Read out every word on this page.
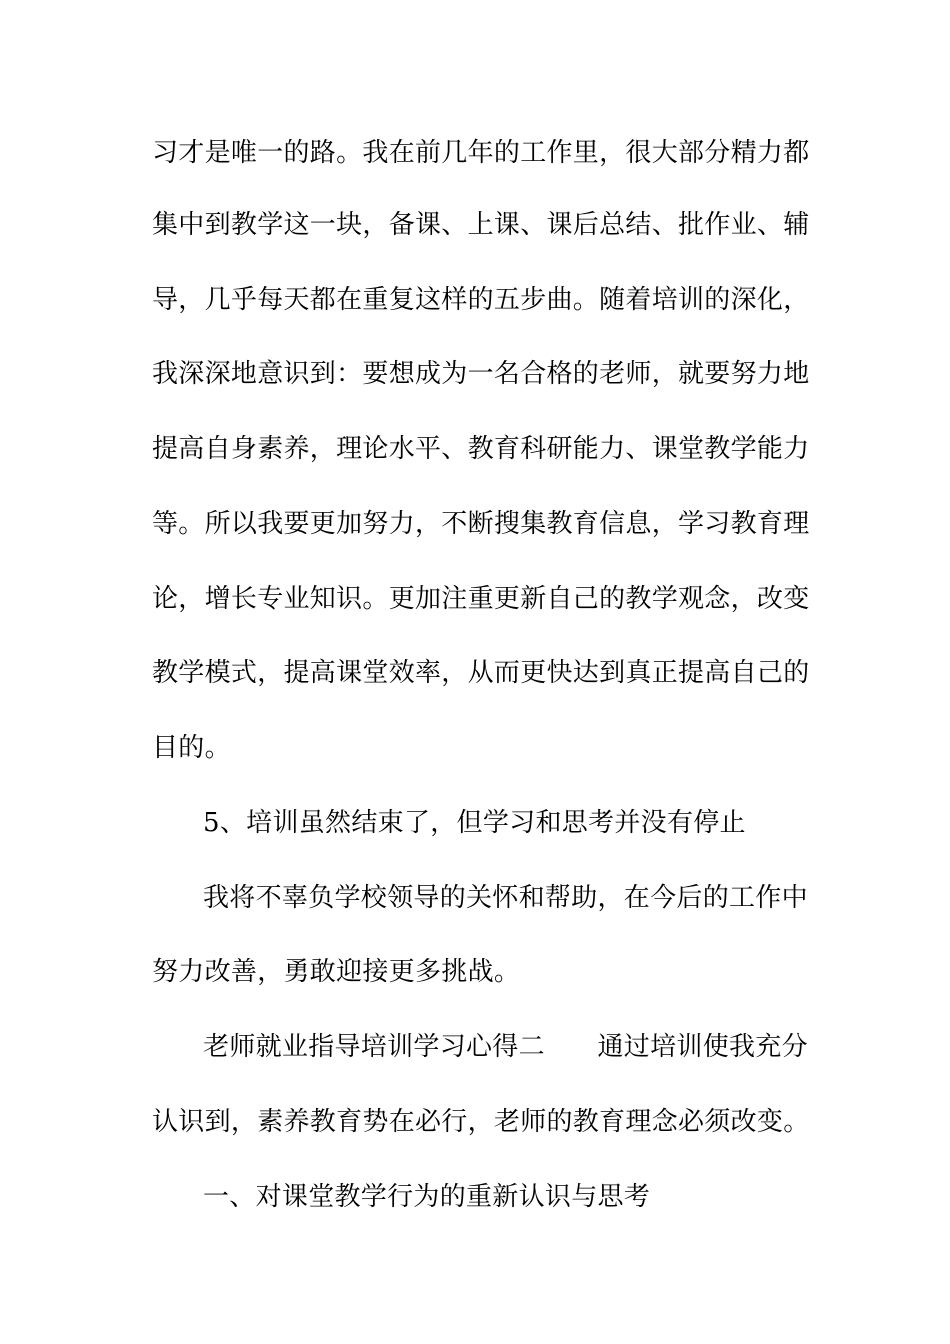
习才是唯一的路。我在前几年的工作里，很大部分精力都
集中到教学这一块，备课、上课、课后总结、批作业、辅
导，几乎每天都在重复这样的五步曲。随着培训的深化，
我深深地意识到：要想成为一名合格的老师，就要努力地
提高自身素养，理论水平、教育科研能力、课堂教学能力
等。所以我要更加努力，不断搜集教育信息，学习教育理
论，增长专业知识。更加注重更新自己的教学观念，改变
教学模式，提高课堂效率，从而更快达到真正提高自己的
目的。
5、培训虽然结束了，但学习和思考并没有停止
我将不辜负学校领导的关怀和帮助，在今后的工作中
努力改善，勇敢迎接更多挑战。
老师就业指导培训学习心得二　　通过培训使我充分
认识到，素养教育势在必行，老师的教育理念必须改变。
一、对课堂教学行为的重新认识与思考
